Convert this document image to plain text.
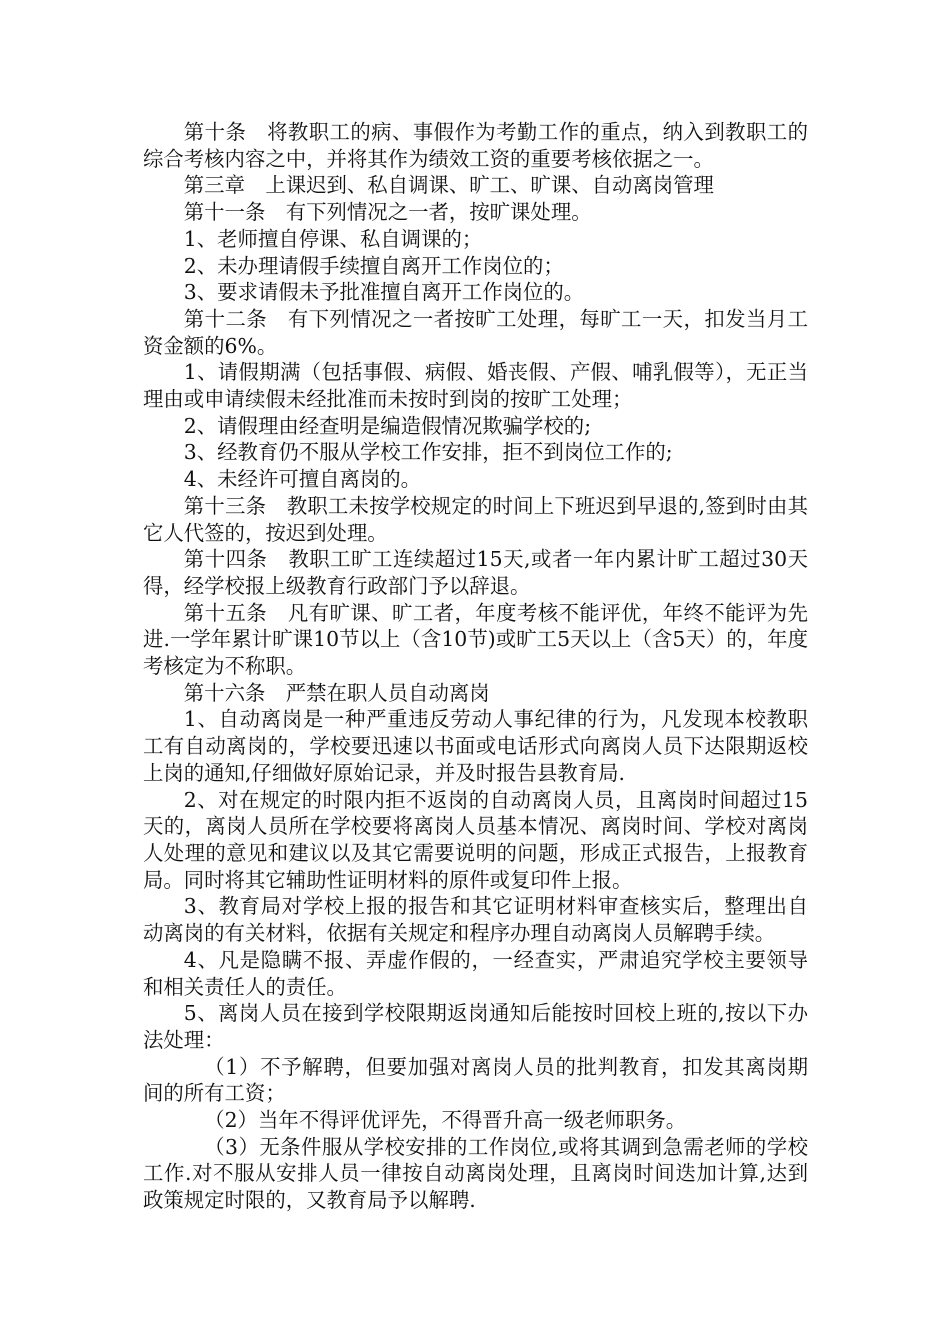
第十条　将教职工的病、事假作为考勤工作的重点，纳入到教职工的综合考核内容之中，并将其作为绩效工资的重要考核依据之一。

第三章　上课迟到、私自调课、旷工、旷课、自动离岗管理

第十一条　有下列情况之一者，按旷课处理。

1、老师擅自停课、私自调课的；

2、未办理请假手续擅自离开工作岗位的；

3、要求请假未予批准擅自离开工作岗位的。

第十二条　有下列情况之一者按旷工处理，每旷工一天，扣发当月工资金额的6%。

1、请假期满（包括事假、病假、婚丧假、产假、哺乳假等），无正当理由或申请续假未经批准而未按时到岗的按旷工处理；

2、请假理由经查明是编造假情况欺骗学校的;

3、经教育仍不服从学校工作安排，拒不到岗位工作的;

4、未经许可擅自离岗的。

第十三条　教职工未按学校规定的时间上下班迟到早退的,签到时由其它人代签的，按迟到处理。

第十四条　教职工旷工连续超过15天,或者一年内累计旷工超过30天得，经学校报上级教育行政部门予以辞退。

第十五条　凡有旷课、旷工者，年度考核不能评优，年终不能评为先进.一学年累计旷课10节以上（含10节)或旷工5天以上（含5天）的，年度考核定为不称职。

第十六条　严禁在职人员自动离岗

1、自动离岗是一种严重违反劳动人事纪律的行为，凡发现本校教职工有自动离岗的，学校要迅速以书面或电话形式向离岗人员下达限期返校上岗的通知,仔细做好原始记录，并及时报告县教育局.

2、对在规定的时限内拒不返岗的自动离岗人员，且离岗时间超过15天的，离岗人员所在学校要将离岗人员基本情况、离岗时间、学校对离岗人处理的意见和建议以及其它需要说明的问题，形成正式报告，上报教育局。同时将其它辅助性证明材料的原件或复印件上报。

3、教育局对学校上报的报告和其它证明材料审查核实后，整理出自动离岗的有关材料，依据有关规定和程序办理自动离岗人员解聘手续。

4、凡是隐瞒不报、弄虚作假的，一经查实，严肃追究学校主要领导和相关责任人的责任。

5、离岗人员在接到学校限期返岗通知后能按时回校上班的,按以下办法处理：

（1）不予解聘，但要加强对离岗人员的批判教育，扣发其离岗期间的所有工资；

（2）当年不得评优评先，不得晋升高一级老师职务。

（3）无条件服从学校安排的工作岗位,或将其调到急需老师的学校工作.对不服从安排人员一律按自动离岗处理，且离岗时间迭加计算,达到政策规定时限的，又教育局予以解聘.
